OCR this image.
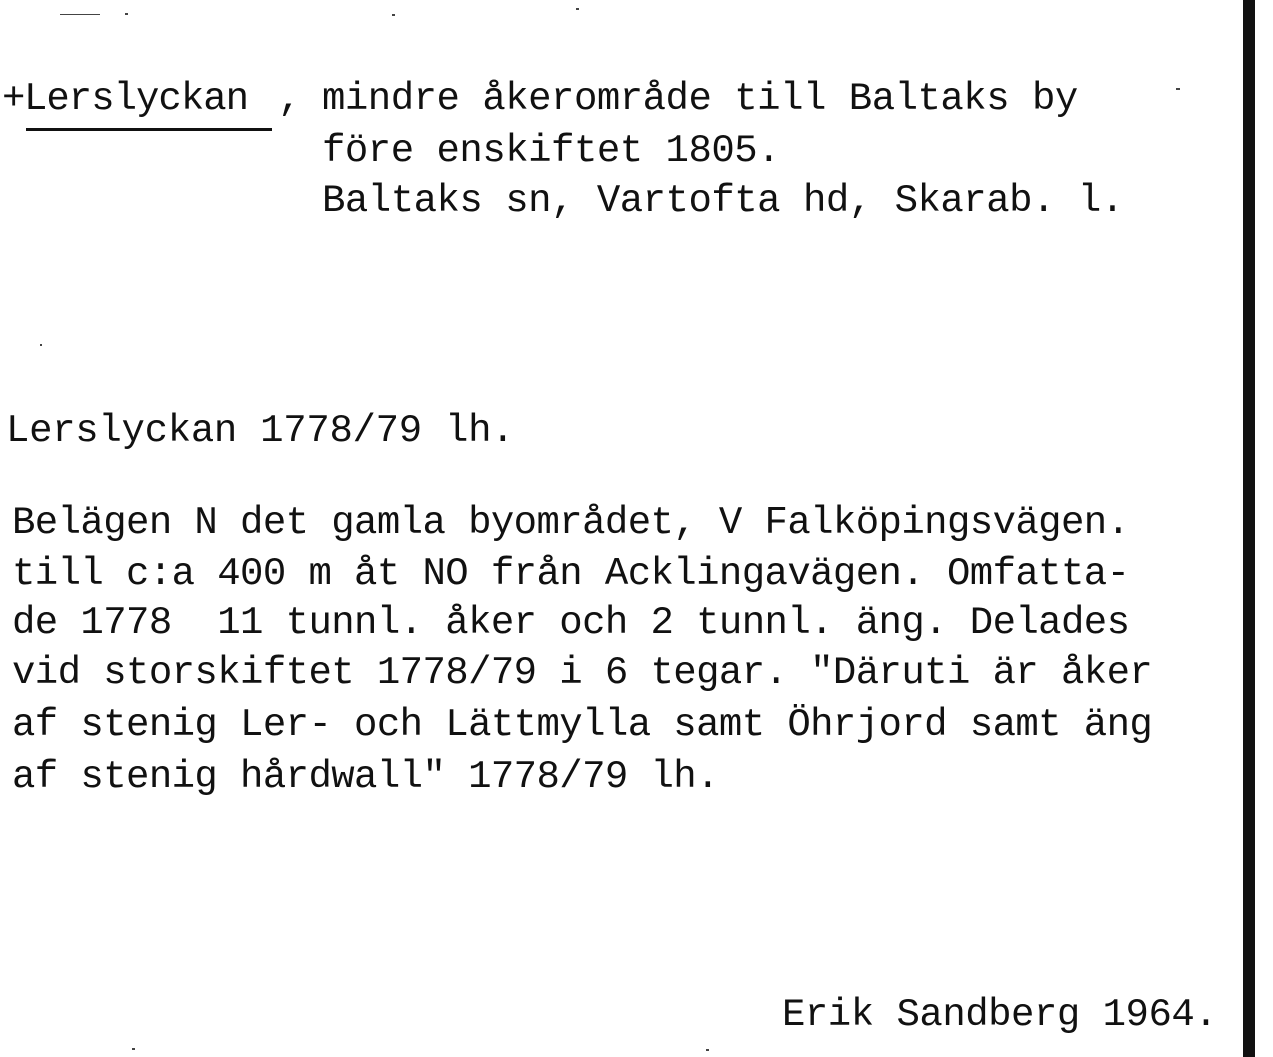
+
Lerslyckan , mindre åkerområde till Baltaks by
före enskiftet 1805.
Baltaks sn, Vartofta hd, Skarab. l.
Lerslyckan 1778/79 lh.
Belägen N det gamla byområdet, V Falköpingsvägen.
till c:a 400 m åt NO från Acklingavägen. Omfatta-
de 1778  11 tunnl. åker och 2 tunnl. äng. Delades
vid storskiftet 1778/79 i 6 tegar. "Däruti är åker
af stenig Ler- och Lättmylla samt Öhrjord samt äng
af stenig hårdwall" 1778/79 lh.
Erik Sandberg 1964.
